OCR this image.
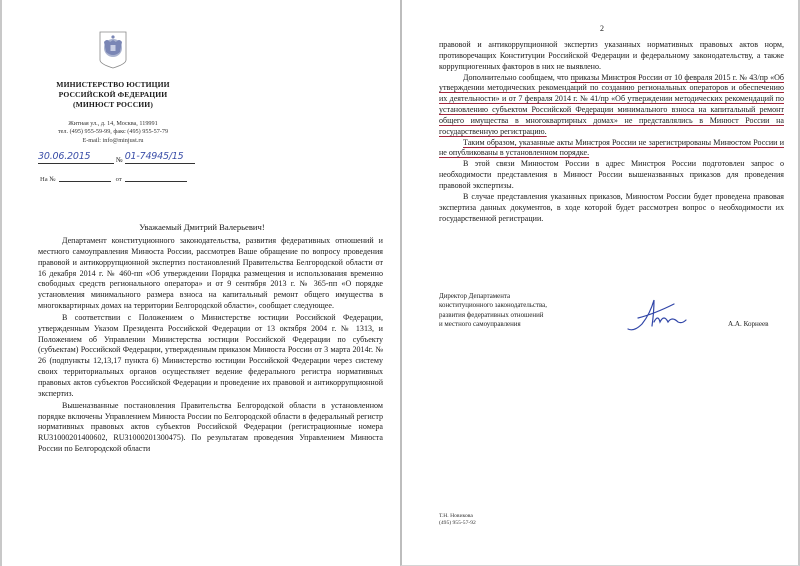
МИНИСТЕРСТВО ЮСТИЦИИ
РОССИЙСКОЙ ФЕДЕРАЦИИ
(МИНЮСТ РОССИИ)
Житная ул., д. 14, Москва, 119991
тел. (495) 955-59-99, факс (495) 955-57-79
E-mail: info@minjust.ru
30.06.2015	№ 01-74945/15
На №	от
Уважаемый Дмитрий Валерьевич!

Департамент конституционного законодательства, развития федеративных отношений и местного самоуправления Минюста России, рассмотрев Ваше обращение по вопросу проведения правовой и антикоррупционной экспертиз постановлений Правительства Белгородской области от 16 декабря 2014 г. № 460-пп «Об утверждении Порядка размещения и использования временно свободных средств регионального оператора» и от 9 сентября 2013 г. № 365-пп «О порядке установления минимального размера взноса на капитальный ремонт общего имущества в многоквартирных домах на территории Белгородской области», сообщает следующее.

В соответствии с Положением о Министерстве юстиции Российской Федерации, утвержденным Указом Президента Российской Федерации от 13 октября 2004 г. № 1313, и Положением об Управлении Министерства юстиции Российской Федерации по субъекту (субъектам) Российской Федерации, утвержденным приказом Минюста России от 3 марта 2014г. № 26 (подпункты 12,13,17 пункта 6) Министерство юстиции Российской Федерации через систему своих территориальных органов осуществляет ведение федерального регистра нормативных правовых актов субъектов Российской Федерации и проведение их правовой и антикоррупционной экспертиз.

Вышеназванные постановления Правительства Белгородской области в установленном порядке включены Управлением Минюста России по Белгородской области в федеральный регистр нормативных правовых актов субъектов Российской Федерации (регистрационные номера RU31000201400602, RU31000201300475). По результатам проведения Управлением Минюста России по Белгородской области

2
правовой и антикоррупционной экспертиз указанных нормативных правовых актов норм, противоречащих Конституции Российской Федерации и федеральному законодательству, а также коррупциогенных факторов в них не выявлено.

Дополнительно сообщаем, что приказы Минстроя России от 10 февраля 2015 г. № 43/пр «Об утверждении методических рекомендаций по созданию региональных операторов и обеспечению их деятельности» и от 7 февраля 2014 г. № 41/пр «Об утверждении методических рекомендаций по установлению субъектом Российской Федерации минимального взноса на капитальный ремонт общего имущества в многоквартирных домах» не представлялись в Минюст России на государственную регистрацию.

Таким образом, указанные акты Минстроя России не зарегистрированы Минюстом России и не опубликованы в установленном порядке.

В этой связи Минюстом России в адрес Минстроя России подготовлен запрос о необходимости представления в Минюст России вышеназванных приказов для проведения правовой экспертизы.

В случае представления указанных приказов, Минюстом России будет проведена правовая экспертиза данных документов, в ходе которой будет рассмотрен вопрос о необходимости их государственной регистрации.

Директор Департамента
конституционного законодательства,
развития федеративных отношений
и местного самоуправления	А.А. Корнеев
Т.Н. Новикова
(495) 955-57-92
